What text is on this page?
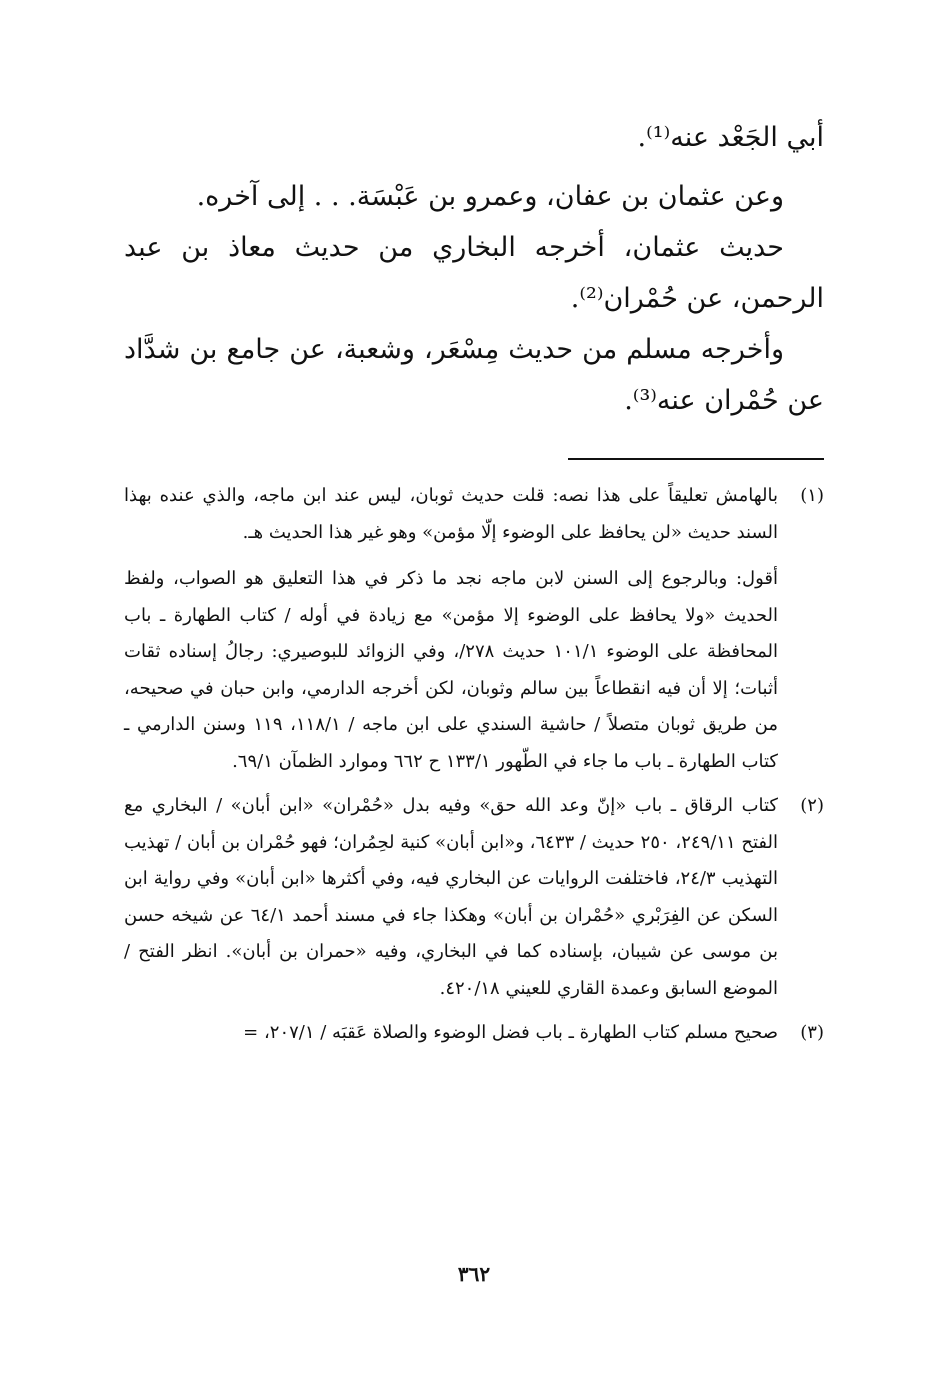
أبي الجَعْد عنه⁽¹⁾.

وعن عثمان بن عفان، وعمرو بن عَبْسَة. . . إلى آخره.

حديث عثمان، أخرجه البخاري من حديث معاذ بن عبد الرحمن، عن حُمْران⁽²⁾.

وأخرجه مسلم من حديث مِسْعَر، وشعبة، عن جامع بن شدَّاد عن حُمْران عنه⁽³⁾.

(١)
بالهامش تعليقاً على هذا نصه: قلت حديث ثوبان، ليس عند ابن ماجه، والذي عنده بهذا السند حديث «لن يحافظ على الوضوء إلّا مؤمن» وهو غير هذا الحديث هـ.
أقول: وبالرجوع إلى السنن لابن ماجه نجد ما ذكر في هذا التعليق هو الصواب، ولفظ الحديث «ولا يحافظ على الوضوء إلا مؤمن» مع زيادة في أوله / كتاب الطهارة ـ باب المحافظة على الوضوء ١٠١/١ حديث ٢٧٨/، وفي الزوائد للبوصيري: رجالُ إسناده ثقات أثبات؛ إلا أن فيه انقطاعاً بين سالم وثوبان، لكن أخرجه الدارمي، وابن حبان في صحيحه، من طريق ثوبان متصلاً / حاشية السندي على ابن ماجه / ١١٨/١، ١١٩ وسنن الدارمي ـ كتاب الطهارة ـ باب ما جاء في الطّهور ١٣٣/١ ح ٦٦٢ وموارد الظمآن ٦٩/١.
(٢)
كتاب الرقاق ـ باب «إنّ وعد الله حق» وفيه بدل «حُمْران» «ابن أبان» / البخاري مع الفتح ٢٤٩/١١، ٢٥٠ حديث / ٦٤٣٣، و«ابن أبان» كنية لحِمُران؛ فهو حُمْران بن أبان / تهذيب التهذيب ٢٤/٣، فاختلفت الروايات عن البخاري فيه، وفي أكثرها «ابن أبان» وفي رواية ابن السكن عن الفِرَبْري «حُمْران بن أبان» وهكذا جاء في مسند أحمد ٦٤/١ عن شيخه حسن بن موسى عن شيبان، بإسناده كما في البخاري، وفيه «حمران بن أبان». انظر الفتح / الموضع السابق وعمدة القاري للعيني ٤٢٠/١٨.
(٣)
صحيح مسلم كتاب الطهارة ـ باب فضل الوضوء والصلاة عَقبَه / ٢٠٧/١، =
٣٦٢
